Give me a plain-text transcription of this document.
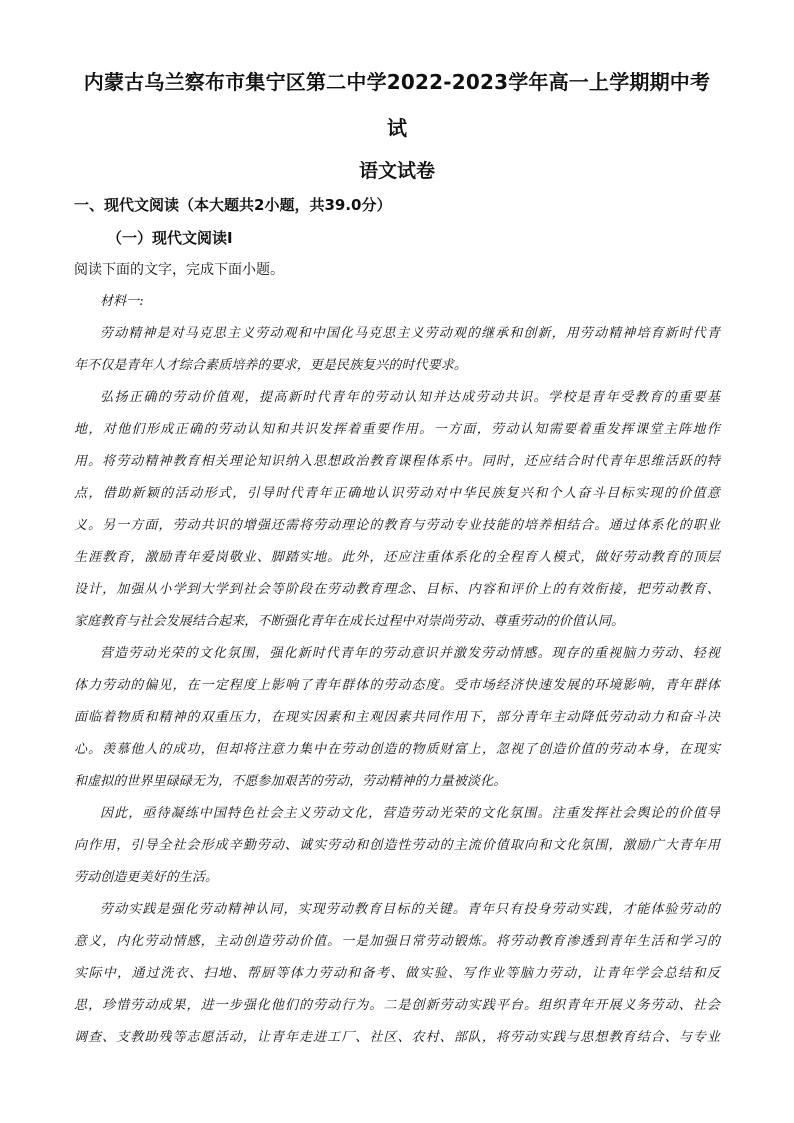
内蒙古乌兰察布市集宁区第二中学2022-2023学年高一上学期期中考
试
语文试卷
一、现代文阅读（本大题共2小题，共39.0分）
（一）现代文阅读Ⅰ
阅读下面的文字，完成下面小题。
材料一:
劳动精神是对马克思主义劳动观和中国化马克思主义劳动观的继承和创新，用劳动精神培育新时代青
年不仅是青年人才综合素质培养的要求，更是民族复兴的时代要求。
弘扬正确的劳动价值观，提高新时代青年的劳动认知并达成劳动共识。学校是青年受教育的重要基
地，对他们形成正确的劳动认知和共识发挥着重要作用。一方面，劳动认知需要着重发挥课堂主阵地作
用。将劳动精神教育相关理论知识纳入思想政治教育课程体系中。同时，还应结合时代青年思维活跃的特
点，借助新颖的活动形式，引导时代青年正确地认识劳动对中华民族复兴和个人奋斗目标实现的价值意
义。另一方面，劳动共识的增强还需将劳动理论的教育与劳动专业技能的培养相结合。通过体系化的职业
生涯教育，激励青年爱岗敬业、脚踏实地。此外，还应注重体系化的全程育人模式，做好劳动教育的顶层
设计，加强从小学到大学到社会等阶段在劳动教育理念、目标、内容和评价上的有效衔接，把劳动教育、
家庭教育与社会发展结合起来，不断强化青年在成长过程中对崇尚劳动、尊重劳动的价值认同。
营造劳动光荣的文化氛围，强化新时代青年的劳动意识并激发劳动情感。现存的重视脑力劳动、轻视
体力劳动的偏见，在一定程度上影响了青年群体的劳动态度。受市场经济快速发展的环境影响，青年群体
面临着物质和精神的双重压力，在现实因素和主观因素共同作用下，部分青年主动降低劳动动力和奋斗决
心。羡慕他人的成功，但却将注意力集中在劳动创造的物质财富上，忽视了创造价值的劳动本身，在现实
和虚拟的世界里碌碌无为，不愿参加艰苦的劳动，劳动精神的力量被淡化。
因此，亟待凝练中国特色社会主义劳动文化，营造劳动光荣的文化氛围。注重发挥社会舆论的价值导
向作用，引导全社会形成辛勤劳动、诚实劳动和创造性劳动的主流价值取向和文化氛围，激励广大青年用
劳动创造更美好的生活。
劳动实践是强化劳动精神认同，实现劳动教育目标的关键。青年只有投身劳动实践，才能体验劳动的
意义，内化劳动情感，主动创造劳动价值。一是加强日常劳动锻炼。将劳动教育渗透到青年生活和学习的
实际中，通过洗衣、扫地、帮厨等体力劳动和备考、做实验、写作业等脑力劳动，让青年学会总结和反
思，珍惜劳动成果，进一步强化他们的劳动行为。二是创新劳动实践平台。组织青年开展义务劳动、社会
调查、支教助残等志愿活动，让青年走进工厂、社区、农村、部队，将劳动实践与思想教育结合、与专业
